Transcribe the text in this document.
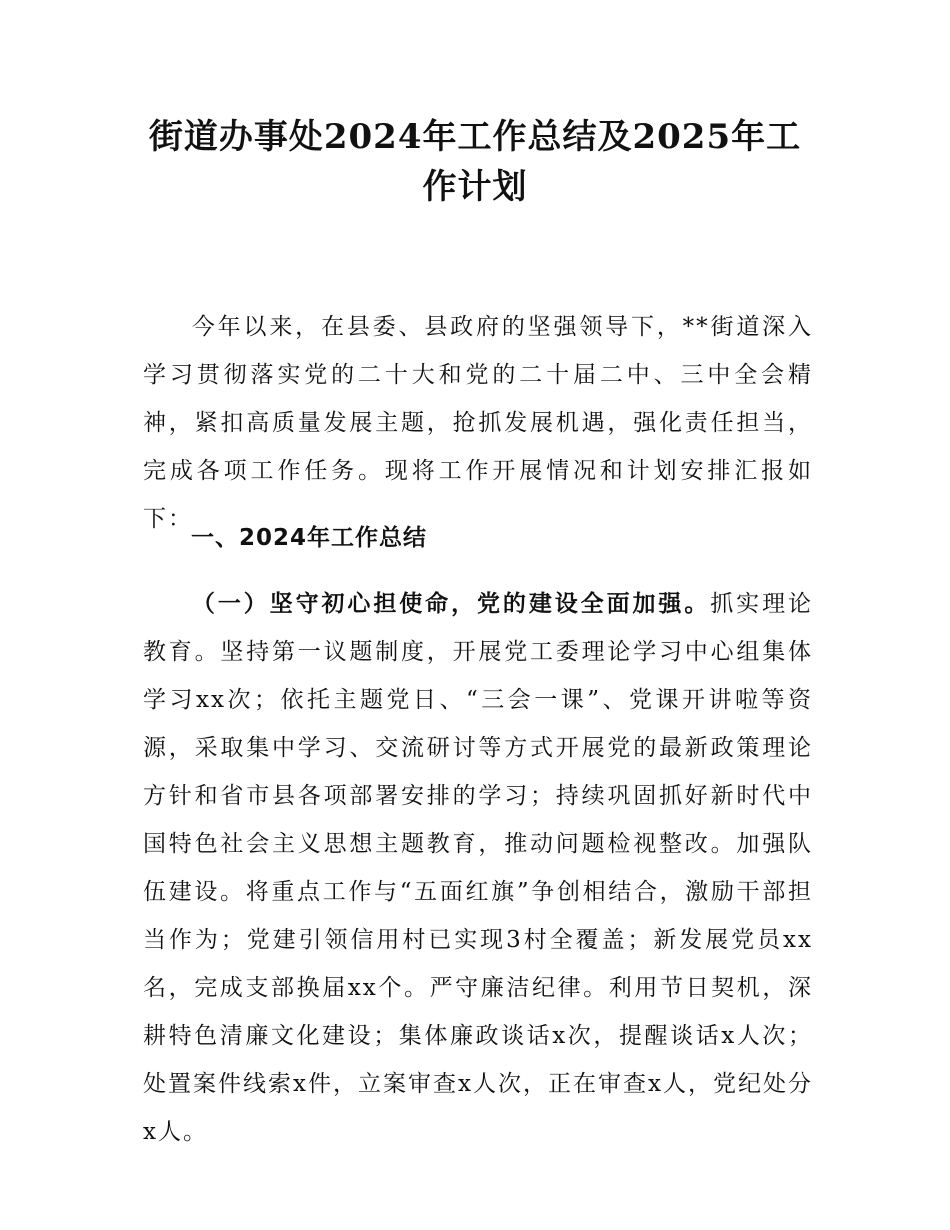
街道办事处2024年工作总结及2025年工作计划

今年以来，在县委、县政府的坚强领导下，**街道深入学习贯彻落实党的二十大和党的二十届二中、三中全会精神，紧扣高质量发展主题，抢抓发展机遇，强化责任担当，完成各项工作任务。现将工作开展情况和计划安排汇报如下：

一、2024年工作总结

（一）坚守初心担使命，党的建设全面加强。抓实理论教育。坚持第一议题制度，开展党工委理论学习中心组集体学习xx次；依托主题党日、“三会一课”、党课开讲啦等资源，采取集中学习、交流研讨等方式开展党的最新政策理论方针和省市县各项部署安排的学习；持续巩固抓好新时代中国特色社会主义思想主题教育，推动问题检视整改。加强队伍建设。将重点工作与“五面红旗”争创相结合，激励干部担当作为；党建引领信用村已实现3村全覆盖；新发展党员xx名，完成支部换届xx个。严守廉洁纪律。利用节日契机，深耕特色清廉文化建设；集体廉政谈话x次，提醒谈话x人次；处置案件线索x件，立案审查x人次，正在审查x人，党纪处分x人。
